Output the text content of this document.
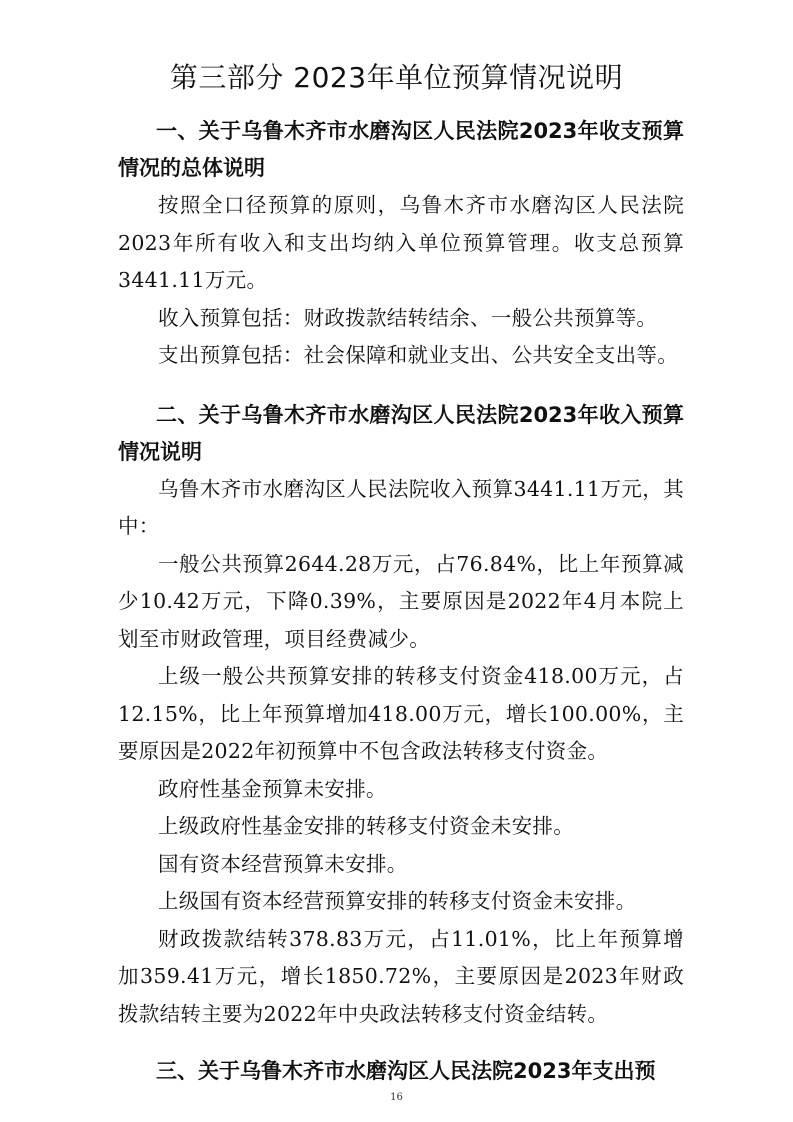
第三部分 2023年单位预算情况说明

一、关于乌鲁木齐市水磨沟区人民法院2023年收支预算情况的总体说明

按照全口径预算的原则，乌鲁木齐市水磨沟区人民法院2023年所有收入和支出均纳入单位预算管理。收支总预算3441.11万元。

收入预算包括：财政拨款结转结余、一般公共预算等。

支出预算包括：社会保障和就业支出、公共安全支出等。

二、关于乌鲁木齐市水磨沟区人民法院2023年收入预算情况说明

乌鲁木齐市水磨沟区人民法院收入预算3441.11万元，其中：

一般公共预算2644.28万元，占76.84%，比上年预算减少10.42万元，下降0.39%，主要原因是2022年4月本院上划至市财政管理，项目经费减少。

上级一般公共预算安排的转移支付资金418.00万元，占12.15%，比上年预算增加418.00万元，增长100.00%，主要原因是2022年初预算中不包含政法转移支付资金。

政府性基金预算未安排。

上级政府性基金安排的转移支付资金未安排。

国有资本经营预算未安排。

上级国有资本经营预算安排的转移支付资金未安排。

财政拨款结转378.83万元，占11.01%，比上年预算增加359.41万元，增长1850.72%，主要原因是2023年财政拨款结转主要为2022年中央政法转移支付资金结转。

三、关于乌鲁木齐市水磨沟区人民法院2023年支出预

16
